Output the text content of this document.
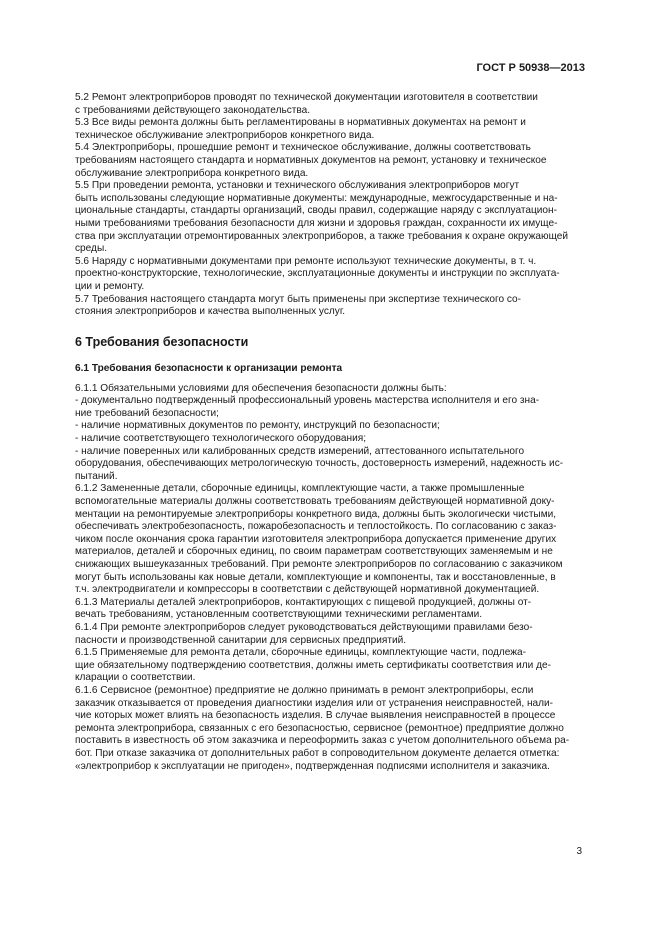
ГОСТ Р 50938—2013

5.2 Ремонт электроприборов проводят по технической документации изготовителя в соответствии
с требованиями действующего законодательства.

5.3 Все виды ремонта должны быть регламентированы в нормативных документах на ремонт и
техническое обслуживание электроприборов конкретного вида.

5.4 Электроприборы, прошедшие ремонт и техническое обслуживание, должны соответствовать
требованиям настоящего стандарта и нормативных документов на ремонт, установку и техническое
обслуживание электроприбора конкретного вида.

5.5 При проведении ремонта, установки и технического обслуживания электроприборов могут
быть использованы следующие нормативные документы: международные, межгосударственные и на-
циональные стандарты, стандарты организаций, своды правил, содержащие наряду с эксплуатацион-
ными требованиями требования безопасности для жизни и здоровья граждан, сохранности их имуще-
ства при эксплуатации отремонтированных электроприборов, а также требования к охране окружающей
среды.

5.6 Наряду с нормативными документами при ремонте используют технические документы, в т. ч.
проектно-конструкторские, технологические, эксплуатационные документы и инструкции по эксплуата-
ции и ремонту.

5.7 Требования настоящего стандарта могут быть применены при экспертизе технического со-
стояния электроприборов и качества выполненных услуг.

6 Требования безопасности
6.1 Требования безопасности к организации ремонта

6.1.1 Обязательными условиями для обеспечения безопасности должны быть:

- документально подтвержденный профессиональный уровень мастерства исполнителя и его зна-
ние требований безопасности;

- наличие нормативных документов по ремонту, инструкций по безопасности;

- наличие соответствующего технологического оборудования;

- наличие поверенных или калиброванных средств измерений, аттестованного испытательного
оборудования, обеспечивающих метрологическую точность, достоверность измерений, надежность ис-
пытаний.

6.1.2 Замененные детали, сборочные единицы, комплектующие части, а также промышленные
вспомогательные материалы должны соответствовать требованиям действующей нормативной доку-
ментации на ремонтируемые электроприборы конкретного вида, должны быть экологически чистыми,
обеспечивать электробезопасность, пожаробезопасность и теплостойкость. По согласованию с заказ-
чиком после окончания срока гарантии изготовителя электроприбора допускается применение других
материалов, деталей и сборочных единиц, по своим параметрам соответствующих заменяемым и не
снижающих вышеуказанных требований. При ремонте электроприборов по согласованию с заказчиком
могут быть использованы как новые детали, комплектующие и компоненты, так и восстановленные, в
т.ч. электродвигатели и компрессоры в соответствии с действующей нормативной документацией.

6.1.3 Материалы деталей электроприборов, контактирующих с пищевой продукцией, должны от-
вечать требованиям, установленным соответствующими техническими регламентами.

6.1.4 При ремонте электроприборов следует руководствоваться действующими правилами безо-
пасности и производственной санитарии для сервисных предприятий.

6.1.5 Применяемые для ремонта детали, сборочные единицы, комплектующие части, подлежа-
щие обязательному подтверждению соответствия, должны иметь сертификаты соответствия или де-
кларации о соответствии.

6.1.6 Сервисное (ремонтное) предприятие не должно принимать в ремонт электроприборы, если
заказчик отказывается от проведения диагностики изделия или от устранения неисправностей, нали-
чие которых может влиять на безопасность изделия. В случае выявления неисправностей в процессе
ремонта электроприбора, связанных с его безопасностью, сервисное (ремонтное) предприятие должно
поставить в известность об этом заказчика и переоформить заказ с учетом дополнительного объема ра-
бот. При отказе заказчика от дополнительных работ в сопроводительном документе делается отметка:
«электроприбор к эксплуатации не пригоден», подтвержденная подписями исполнителя и заказчика.

3
